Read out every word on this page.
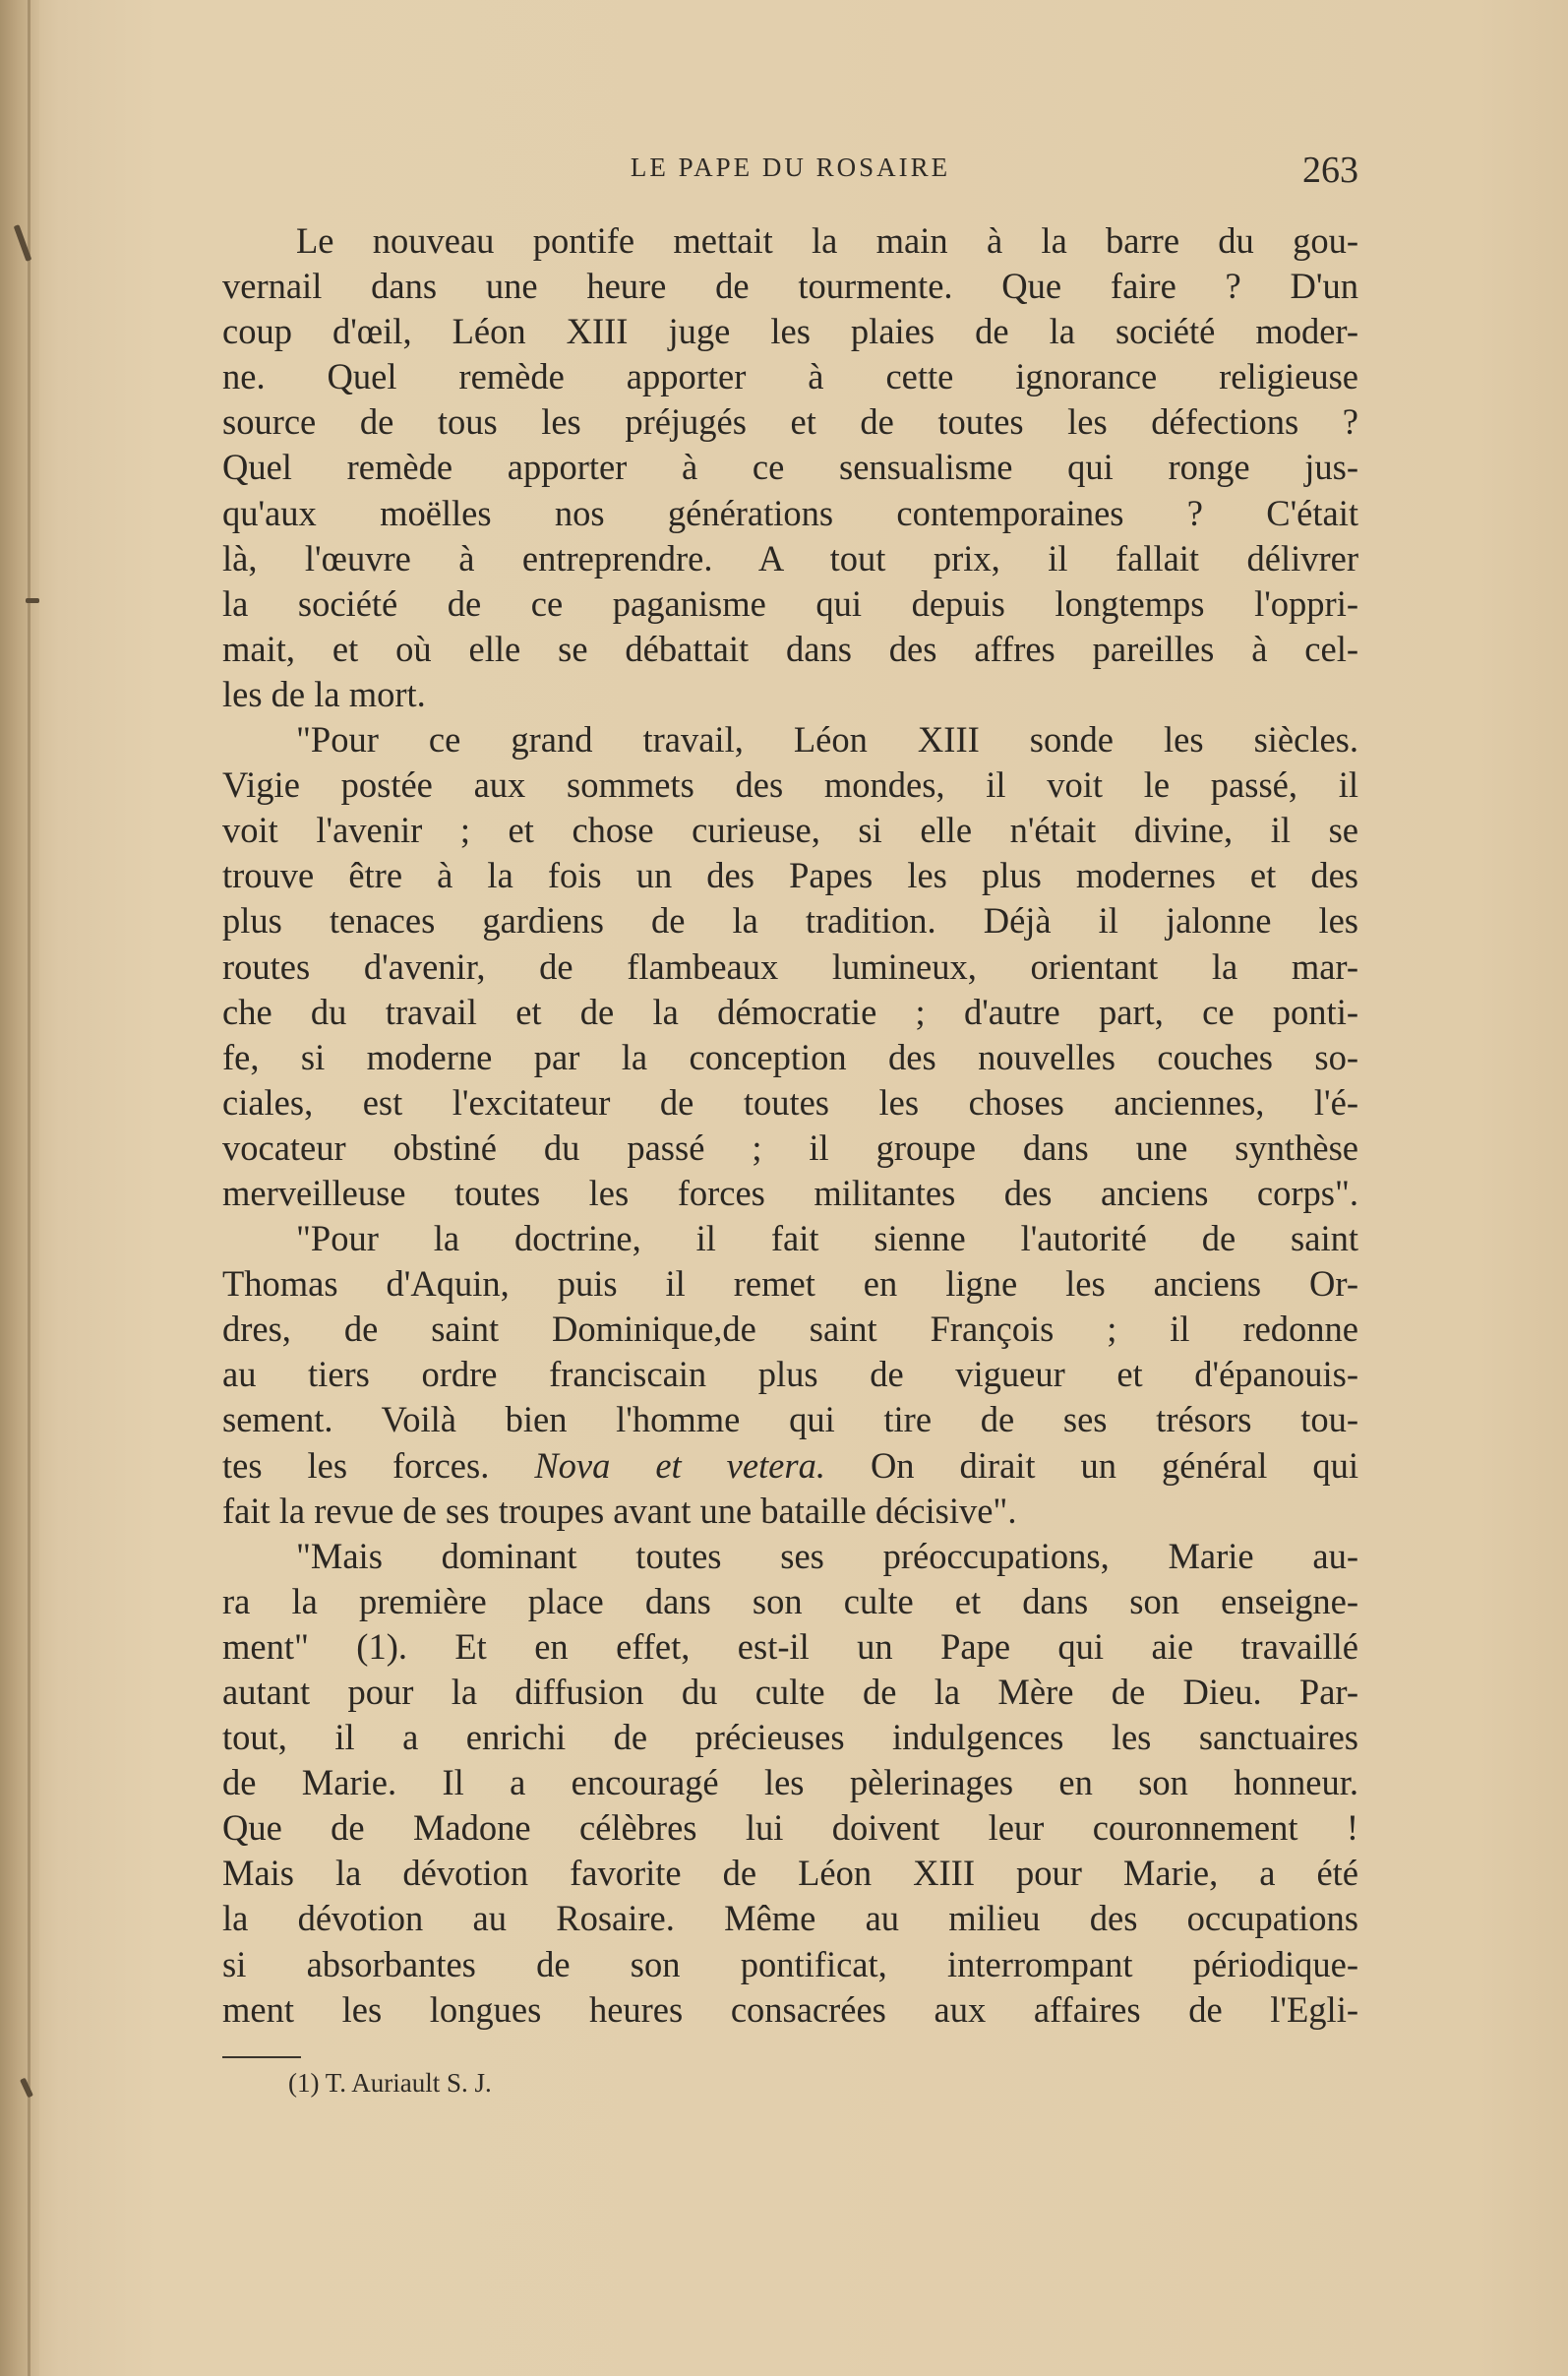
LE PAPE DU ROSAIRE	263
Le nouveau pontife mettait la main à la barre du gou-
vernail dans une heure de tourmente. Que faire ? D'un
coup d'œil, Léon XIII juge les plaies de la société moder-
ne. Quel remède apporter à cette ignorance religieuse
source de tous les préjugés et de toutes les défections ?
Quel remède apporter à ce sensualisme qui ronge jus-
qu'aux moëlles nos générations contemporaines ? C'était
là, l'œuvre à entreprendre. A tout prix, il fallait délivrer
la société de ce paganisme qui depuis longtemps l'oppri-
mait, et où elle se débattait dans des affres pareilles à cel-
les de la mort.
"Pour ce grand travail, Léon XIII sonde les siècles.
Vigie postée aux sommets des mondes, il voit le passé, il
voit l'avenir ; et chose curieuse, si elle n'était divine, il se
trouve être à la fois un des Papes les plus modernes et des
plus tenaces gardiens de la tradition. Déjà il jalonne les
routes d'avenir, de flambeaux lumineux, orientant la mar-
che du travail et de la démocratie ; d'autre part, ce ponti-
fe, si moderne par la conception des nouvelles couches so-
ciales, est l'excitateur de toutes les choses anciennes, l'é-
vocateur obstiné du passé ; il groupe dans une synthèse
merveilleuse toutes les forces militantes des anciens corps".
"Pour la doctrine, il fait sienne l'autorité de saint
Thomas d'Aquin, puis il remet en ligne les anciens Or-
dres, de saint Dominique,de saint François ; il redonne
au tiers ordre franciscain plus de vigueur et d'épanouis-
sement. Voilà bien l'homme qui tire de ses trésors tou-
tes les forces. Nova et vetera. On dirait un général qui
fait la revue de ses troupes avant une bataille décisive".
"Mais dominant toutes ses préoccupations, Marie au-
ra la première place dans son culte et dans son enseigne-
ment" (1). Et en effet, est-il un Pape qui aie travaillé
autant pour la diffusion du culte de la Mère de Dieu. Par-
tout, il a enrichi de précieuses indulgences les sanctuaires
de Marie. Il a encouragé les pèlerinages en son honneur.
Que de Madone célèbres lui doivent leur couronnement !
Mais la dévotion favorite de Léon XIII pour Marie, a été
la dévotion au Rosaire. Même au milieu des occupations
si absorbantes de son pontificat, interrompant périodique-
ment les longues heures consacrées aux affaires de l'Egli-
(1) T. Auriault S. J.
